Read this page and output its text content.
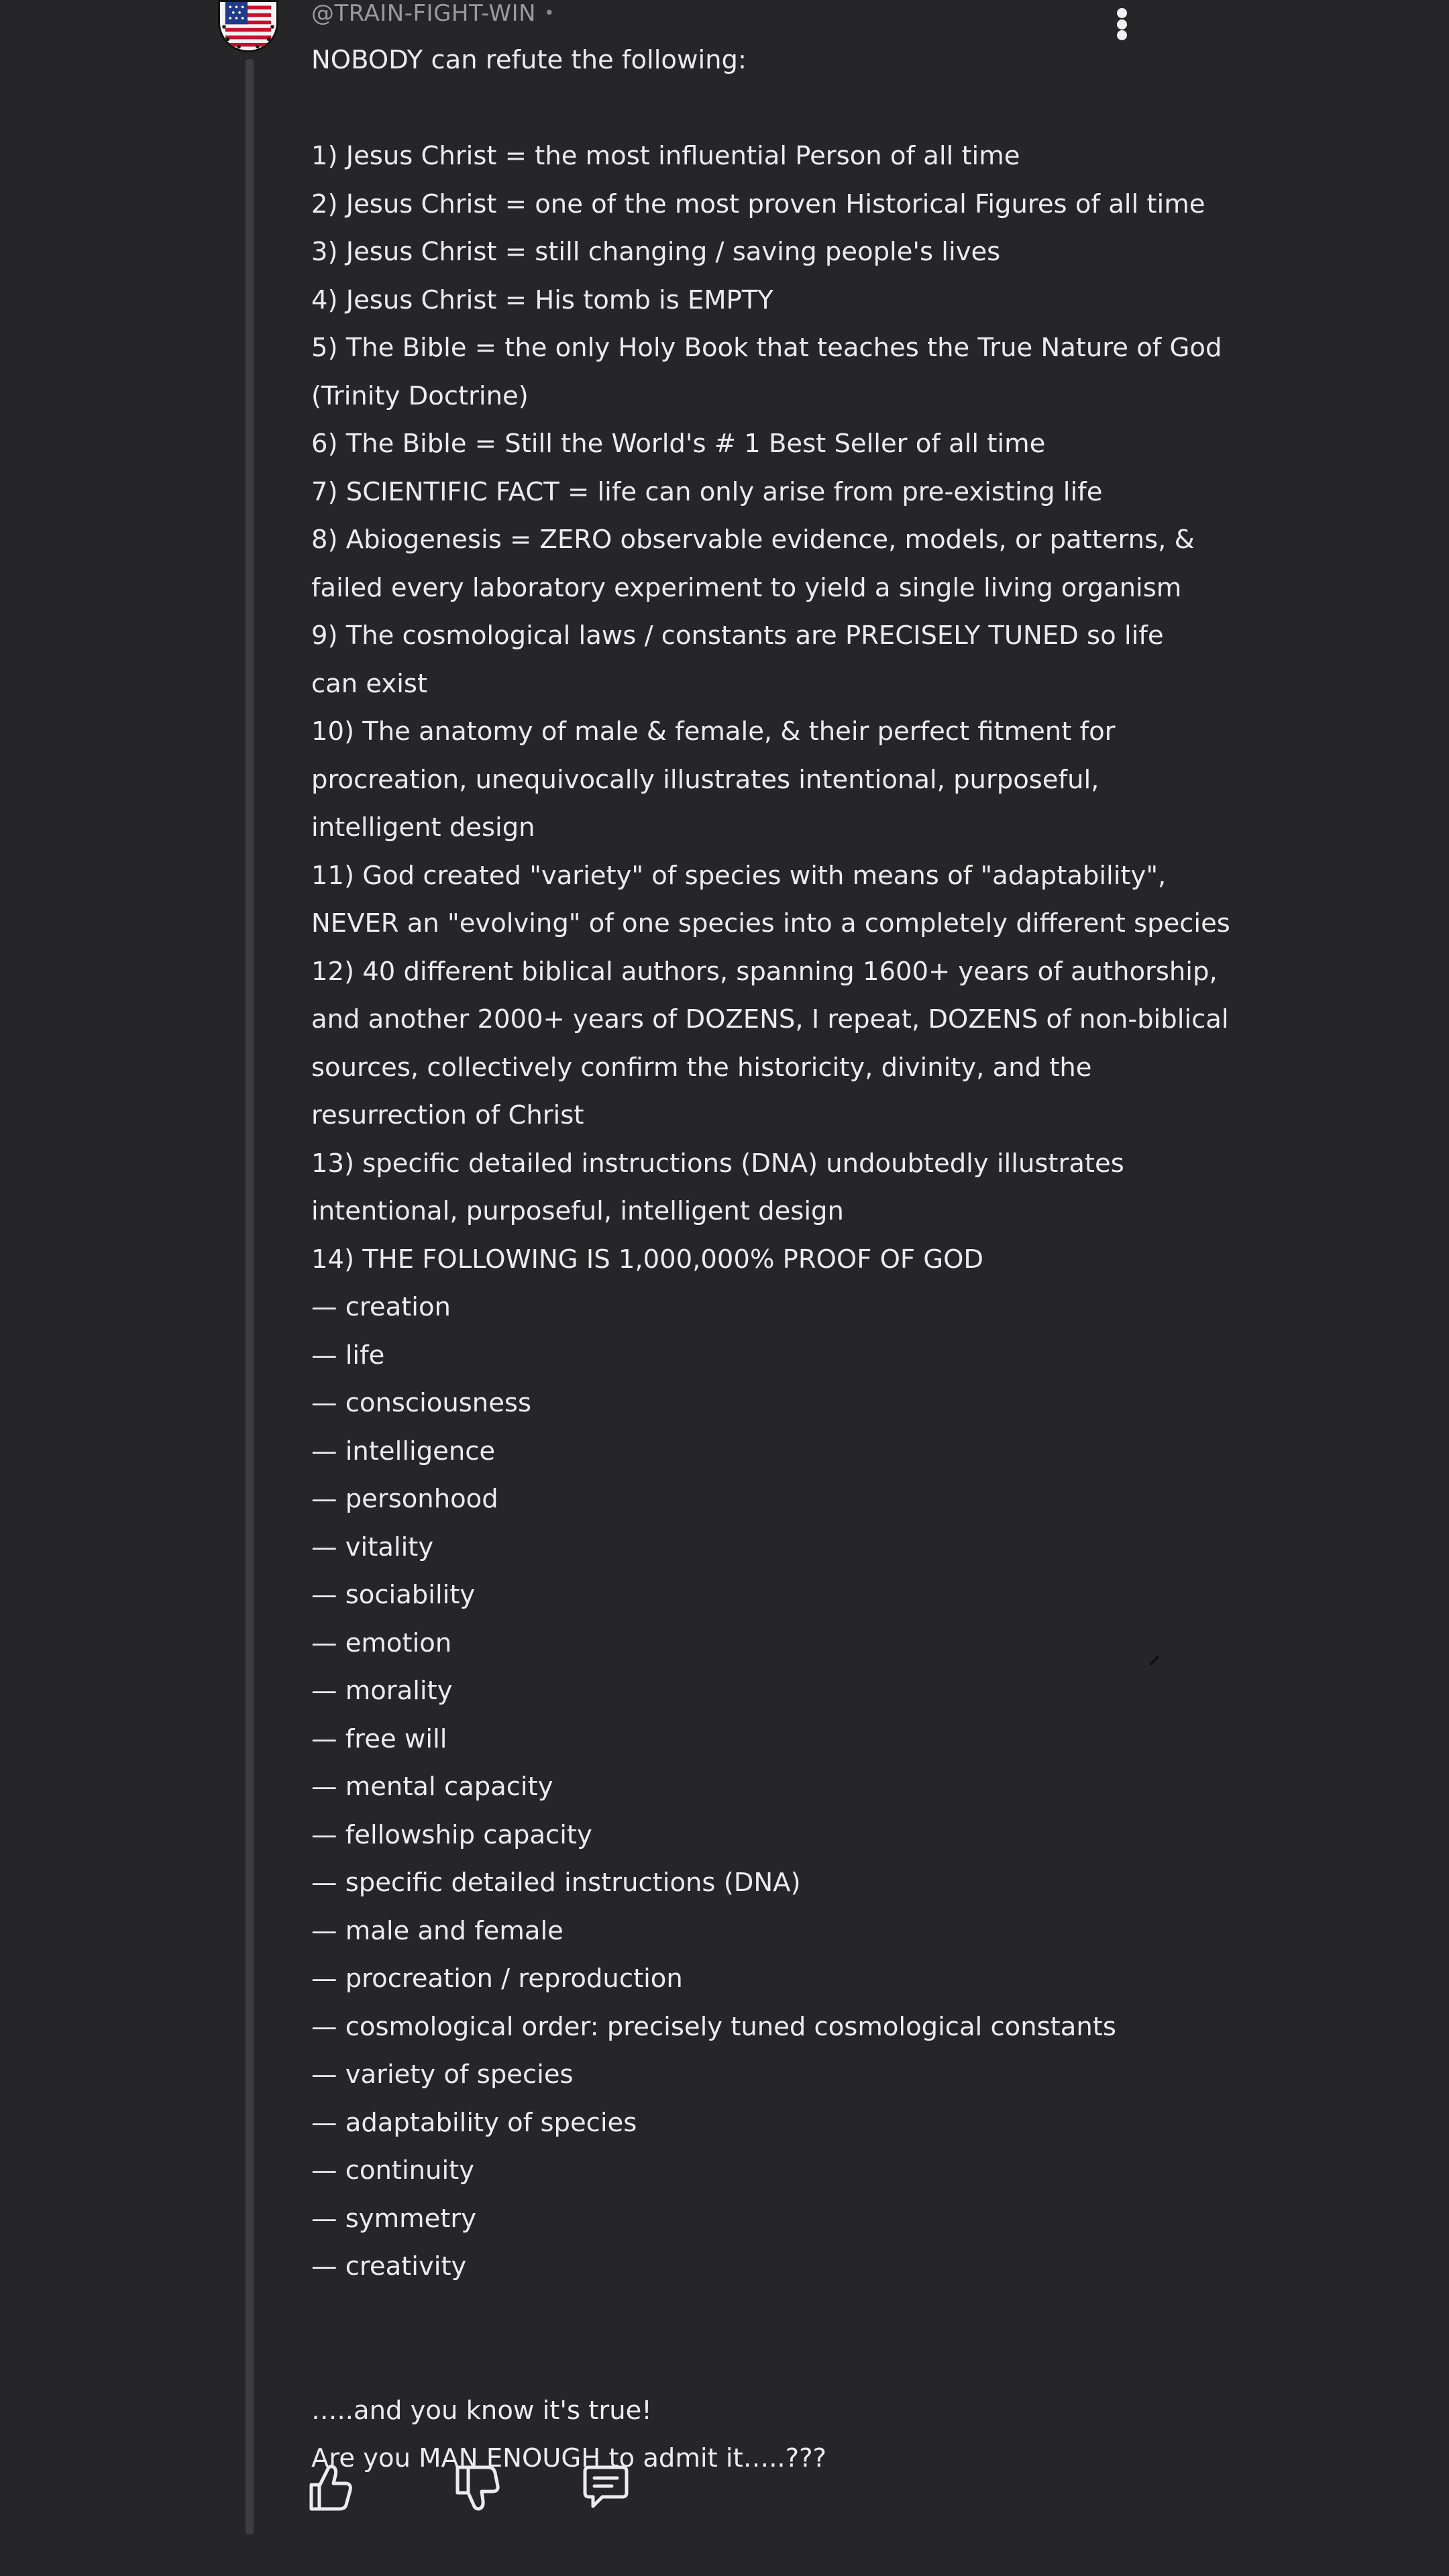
@TRAIN-FIGHT-WIN •
NOBODY can refute the following:
1) Jesus Christ = the most influential Person of all time
2) Jesus Christ = one of the most proven Historical Figures of all time
3) Jesus Christ = still changing / saving people's lives
4) Jesus Christ = His tomb is EMPTY
5) The Bible = the only Holy Book that teaches the True Nature of God
(Trinity Doctrine)
6) The Bible = Still the World's # 1 Best Seller of all time
7) SCIENTIFIC FACT = life can only arise from pre-existing life
8) Abiogenesis = ZERO observable evidence, models, or patterns, &
failed every laboratory experiment to yield a single living organism
9) The cosmological laws / constants are PRECISELY TUNED so life
can exist
10) The anatomy of male & female, & their perfect fitment for
procreation, unequivocally illustrates intentional, purposeful,
intelligent design
11) God created "variety" of species with means of "adaptability",
NEVER an "evolving" of one species into a completely different species
12) 40 different biblical authors, spanning 1600+ years of authorship,
and another 2000+ years of DOZENS, I repeat, DOZENS of non-biblical
sources, collectively confirm the historicity, divinity, and the
resurrection of Christ
13) specific detailed instructions (DNA) undoubtedly illustrates
intentional, purposeful, intelligent design
14) THE FOLLOWING IS 1,000,000% PROOF OF GOD
— creation
— life
— consciousness
— intelligence
— personhood
— vitality
— sociability
— emotion
— morality
— free will
— mental capacity
— fellowship capacity
— specific detailed instructions (DNA)
— male and female
— procreation / reproduction
— cosmological order: precisely tuned cosmological constants
— variety of species
— adaptability of species
— continuity
— symmetry
— creativity
…..and you know it's true!
Are you MAN ENOUGH to admit it…..???
